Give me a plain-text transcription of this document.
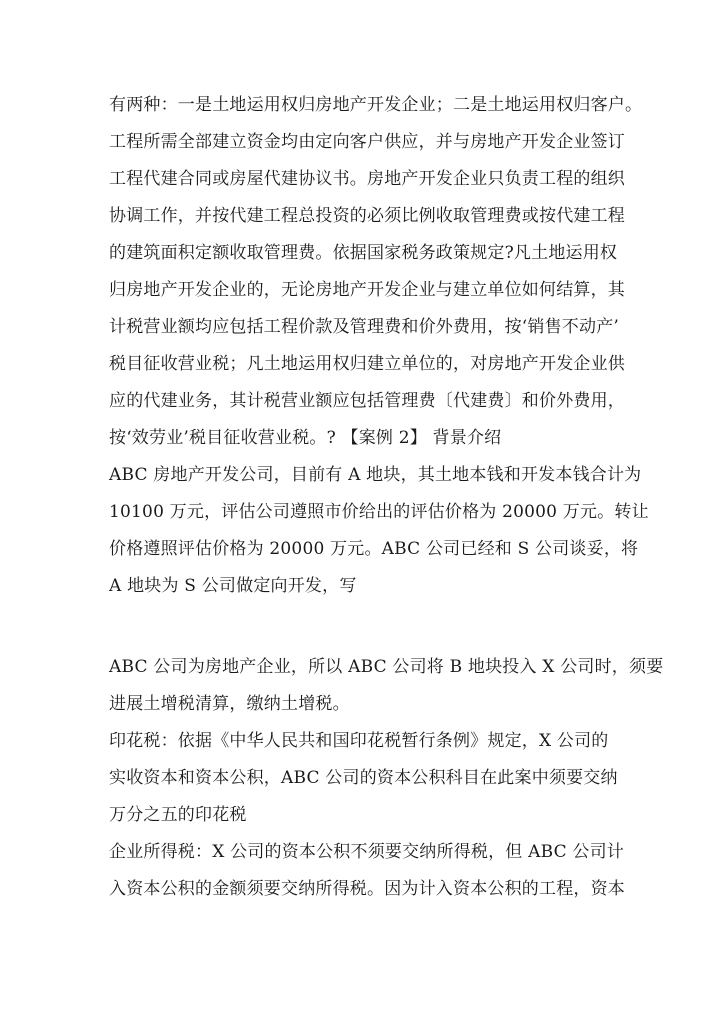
有两种：一是土地运用权归房地产开发企业；二是土地运用权归客户。
工程所需全部建立资金均由定向客户供应，并与房地产开发企业签订
工程代建合同或房屋代建协议书。房地产开发企业只负责工程的组织
协调工作，并按代建工程总投资的必须比例收取管理费或按代建工程
的建筑面积定额收取管理费。依据国家税务政策规定?凡土地运用权
归房地产开发企业的，无论房地产开发企业与建立单位如何结算，其
计税营业额均应包括工程价款及管理费和价外费用，按‘销售不动产’
税目征收营业税；凡土地运用权归建立单位的，对房地产开发企业供
应的代建业务，其计税营业额应包括管理费〔代建费〕和价外费用，
按‘效劳业’税目征收营业税。? 【案例 2】 背景介绍
ABC 房地产开发公司，目前有 A 地块，其土地本钱和开发本钱合计为
10100 万元，评估公司遵照市价给出的评估价格为 20000 万元。转让
价格遵照评估价格为 20000 万元。ABC 公司已经和 S 公司谈妥，将
A 地块为 S 公司做定向开发，写
ABC 公司为房地产企业，所以 ABC 公司将 B 地块投入 X 公司时，须要
进展土增税清算，缴纳土增税。
印花税：依据《中华人民共和国印花税暂行条例》规定，X 公司的
实收资本和资本公积，ABC 公司的资本公积科目在此案中须要交纳
万分之五的印花税
企业所得税：X 公司的资本公积不须要交纳所得税，但 ABC 公司计
入资本公积的金额须要交纳所得税。因为计入资本公积的工程，资本
